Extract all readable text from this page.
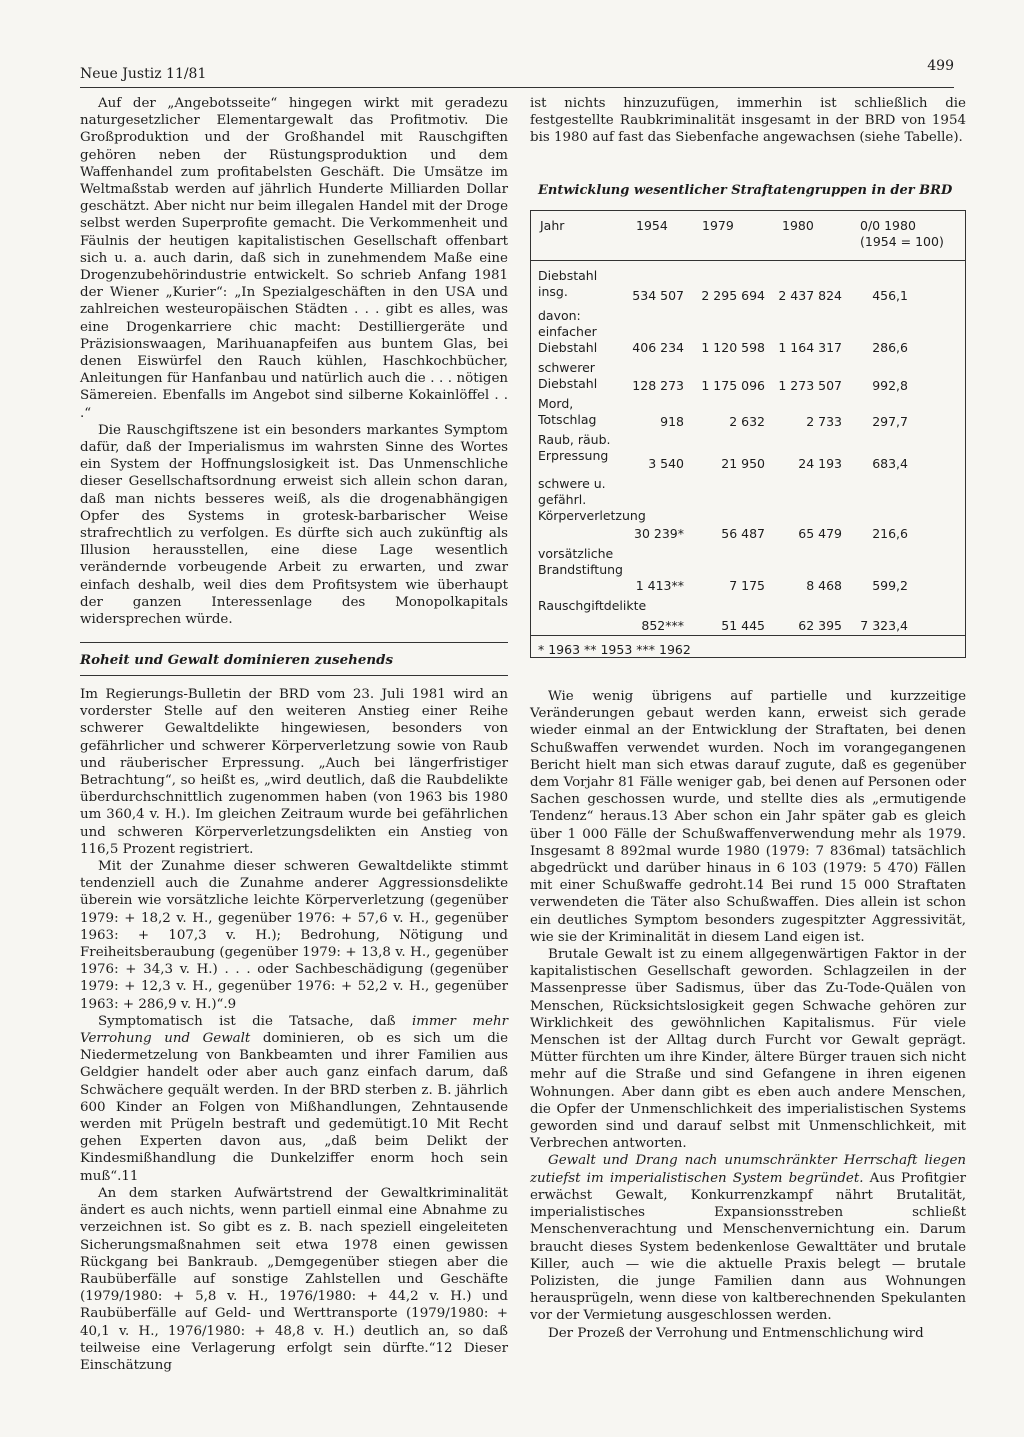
Neue Justiz 11/81	499

Auf der „Angebotsseite“ hingegen wirkt mit geradezu naturgesetzlicher Elementargewalt das Profitmotiv. Die Großproduktion und der Großhandel mit Rauschgiften gehören neben der Rüstungsproduktion und dem Waffenhandel zum profitabelsten Geschäft. Die Umsätze im Weltmaßstab werden auf jährlich Hunderte Milliarden Dollar geschätzt. Aber nicht nur beim illegalen Handel mit der Droge selbst werden Superprofite gemacht. Die Verkommenheit und Fäulnis der heutigen kapitalistischen Gesellschaft offenbart sich u. a. auch darin, daß sich in zunehmendem Maße eine Drogenzubehörindustrie entwickelt. So schrieb Anfang 1981 der Wiener „Kurier“: „In Spezialgeschäften in den USA und zahlreichen westeuropäischen Städten . . . gibt es alles, was eine Drogenkarriere chic macht: Destilliergeräte und Präzisionswaagen, Marihuanapfeifen aus buntem Glas, bei denen Eiswürfel den Rauch kühlen, Haschkochbücher, Anleitungen für Hanfanbau und natürlich auch die . . . nötigen Sämereien. Ebenfalls im Angebot sind silberne Kokainlöffel . . .“

Die Rauschgiftszene ist ein besonders markantes Symptom dafür, daß der Imperialismus im wahrsten Sinne des Wortes ein System der Hoffnungslosigkeit ist. Das Unmenschliche dieser Gesellschaftsordnung erweist sich allein schon daran, daß man nichts besseres weiß, als die drogenabhängigen Opfer des Systems in grotesk-barbarischer Weise strafrechtlich zu verfolgen. Es dürfte sich auch zukünftig als Illusion herausstellen, eine diese Lage wesentlich verändernde vorbeugende Arbeit zu erwarten, und zwar einfach deshalb, weil dies dem Profitsystem wie überhaupt der ganzen Interessenlage des Monopolkapitals widersprechen würde.

Roheit und Gewalt dominieren zusehends

Im Regierungs-Bulletin der BRD vom 23. Juli 1981 wird an vorderster Stelle auf den weiteren Anstieg einer Reihe schwerer Gewaltdelikte hingewiesen, besonders von gefährlicher und schwerer Körperverletzung sowie von Raub und räuberischer Erpressung. „Auch bei längerfristiger Betrachtung“, so heißt es, „wird deutlich, daß die Raubdelikte überdurchschnittlich zugenommen haben (von 1963 bis 1980 um 360,4 v. H.). Im gleichen Zeitraum wurde bei gefährlichen und schweren Körperverletzungsdelikten ein Anstieg von 116,5 Prozent registriert.

Mit der Zunahme dieser schweren Gewaltdelikte stimmt tendenziell auch die Zunahme anderer Aggressionsdelikte überein wie vorsätzliche leichte Körperverletzung (gegenüber 1979: + 18,2 v. H., gegenüber 1976: + 57,6 v. H., gegenüber 1963: + 107,3 v. H.); Bedrohung, Nötigung und Freiheitsberaubung (gegenüber 1979: + 13,8 v. H., gegenüber 1976: + 34,3 v. H.) . . . oder Sachbeschädigung (gegenüber 1979: + 12,3 v. H., gegenüber 1976: + 52,2 v. H., gegenüber 1963: + 286,9 v. H.)“.9

Symptomatisch ist die Tatsache, daß immer mehr Verrohung und Gewalt dominieren, ob es sich um die Niedermetzelung von Bankbeamten und ihrer Familien aus Geldgier handelt oder aber auch ganz einfach darum, daß Schwächere gequält werden. In der BRD sterben z. B. jährlich 600 Kinder an Folgen von Mißhandlungen, Zehntausende werden mit Prügeln bestraft und gedemütigt.10 Mit Recht gehen Experten davon aus, „daß beim Delikt der Kindesmißhandlung die Dunkelziffer enorm hoch sein muß“.11

An dem starken Aufwärtstrend der Gewaltkriminalität ändert es auch nichts, wenn partiell einmal eine Abnahme zu verzeichnen ist. So gibt es z. B. nach speziell eingeleiteten Sicherungsmaßnahmen seit etwa 1978 einen gewissen Rückgang bei Bankraub. „Demgegenüber stiegen aber die Raubüberfälle auf sonstige Zahlstellen und Geschäfte (1979/1980: + 5,8 v. H., 1976/1980: + 44,2 v. H.) und Raubüberfälle auf Geld- und Werttransporte (1979/1980: + 40,1 v. H., 1976/1980: + 48,8 v. H.) deutlich an, so daß teilweise eine Verlagerung erfolgt sein dürfte.“12 Dieser Einschätzung

ist nichts hinzuzufügen, immerhin ist schließlich die festgestellte Raubkriminalität insgesamt in der BRD von 1954 bis 1980 auf fast das Siebenfache angewachsen (siehe Tabelle).

Entwicklung wesentlicher Straftatengruppen in der BRD
Jahr	1954	1979	1980	0/0 1980
(1954 = 100)
Diebstahl insg.	534 507	2 295 694	2 437 824	456,1
davon: einfacher Diebstahl	406 234	1 120 598	1 164 317	286,6
schwerer Diebstahl	128 273	1 175 096	1 273 507	992,8
Mord, Totschlag	918	2 632	2 733	297,7
Raub, räub. Erpressung
3 540	21 950	24 193	683,4
schwere u. gefährl. Körperverletzung
30 239*	56 487	65 479	216,6
vorsätzliche Brandstiftung
1 413**	7 175	8 468	599,2
Rauschgiftdelikte
852***	51 445	62 395	7 323,4
* 1963 ** 1953 *** 1962

Wie wenig übrigens auf partielle und kurzzeitige Veränderungen gebaut werden kann, erweist sich gerade wieder einmal an der Entwicklung der Straftaten, bei denen Schußwaffen verwendet wurden. Noch im vorangegangenen Bericht hielt man sich etwas darauf zugute, daß es gegenüber dem Vorjahr 81 Fälle weniger gab, bei denen auf Personen oder Sachen geschossen wurde, und stellte dies als „ermutigende Tendenz“ heraus.13 Aber schon ein Jahr später gab es gleich über 1 000 Fälle der Schußwaffenverwendung mehr als 1979. Insgesamt 8 892mal wurde 1980 (1979: 7 836mal) tatsächlich abgedrückt und darüber hinaus in 6 103 (1979: 5 470) Fällen mit einer Schußwaffe gedroht.14 Bei rund 15 000 Straftaten verwendeten die Täter also Schußwaffen. Dies allein ist schon ein deutliches Symptom besonders zugespitzter Aggressivität, wie sie der Kriminalität in diesem Land eigen ist.

Brutale Gewalt ist zu einem allgegenwärtigen Faktor in der kapitalistischen Gesellschaft geworden. Schlagzeilen in der Massenpresse über Sadismus, über das Zu-Tode-Quälen von Menschen, Rücksichtslosigkeit gegen Schwache gehören zur Wirklichkeit des gewöhnlichen Kapitalismus. Für viele Menschen ist der Alltag durch Furcht vor Gewalt geprägt. Mütter fürchten um ihre Kinder, ältere Bürger trauen sich nicht mehr auf die Straße und sind Gefangene in ihren eigenen Wohnungen. Aber dann gibt es eben auch andere Menschen, die Opfer der Unmenschlichkeit des imperialistischen Systems geworden sind und darauf selbst mit Unmenschlichkeit, mit Verbrechen antworten.

Gewalt und Drang nach unumschränkter Herrschaft liegen zutiefst im imperialistischen System begründet. Aus Profitgier erwächst Gewalt, Konkurrenzkampf nährt Brutalität, imperialistisches Expansionsstreben schließt Menschenverachtung und Menschenvernichtung ein. Darum braucht dieses System bedenkenlose Gewalttäter und brutale Killer, auch — wie die aktuelle Praxis belegt — brutale Polizisten, die junge Familien dann aus Wohnungen herausprügeln, wenn diese von kaltberechnenden Spekulanten vor der Vermietung ausgeschlossen werden.

Der Prozeß der Verrohung und Entmenschlichung wird
